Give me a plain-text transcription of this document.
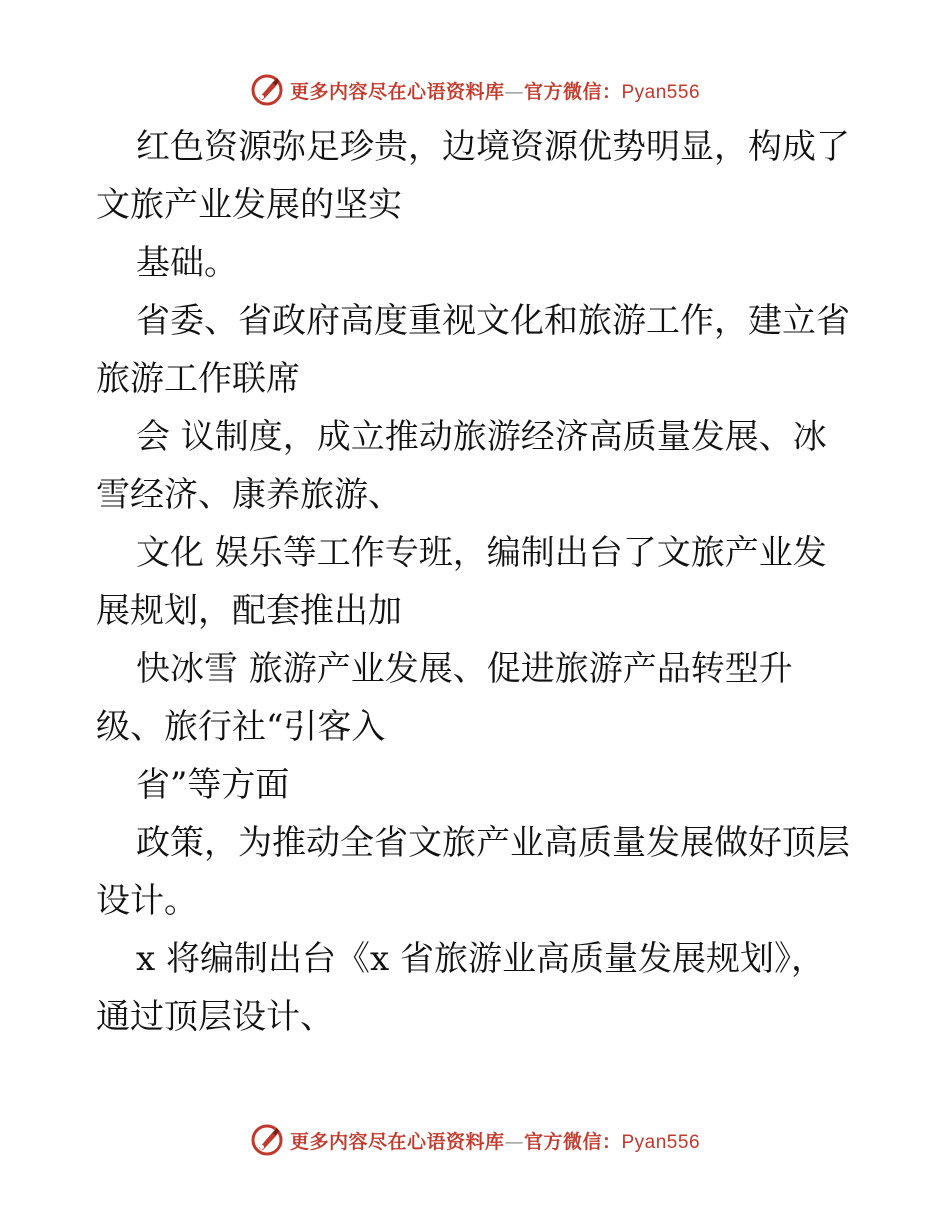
更多内容尽在心语资料库—官方微信：Pyan556

红色资源弥足珍贵，边境资源优势明显，构成了

文旅产业发展的坚实

基础。

省委、省政府高度重视文化和旅游工作，建立省

旅游工作联席

会 议制度，成立推动旅游经济高质量发展、冰

雪经济、康养旅游、

文化 娱乐等工作专班，编制出台了文旅产业发

展规划，配套推出加

快冰雪 旅游产业发展、促进旅游产品转型升

级、旅行社“引客入

省”等方面

政策，为推动全省文旅产业高质量发展做好顶层

设计。

x 将编制出台《x 省旅游业高质量发展规划》，

通过顶层设计、

更多内容尽在心语资料库—官方微信：Pyan556
